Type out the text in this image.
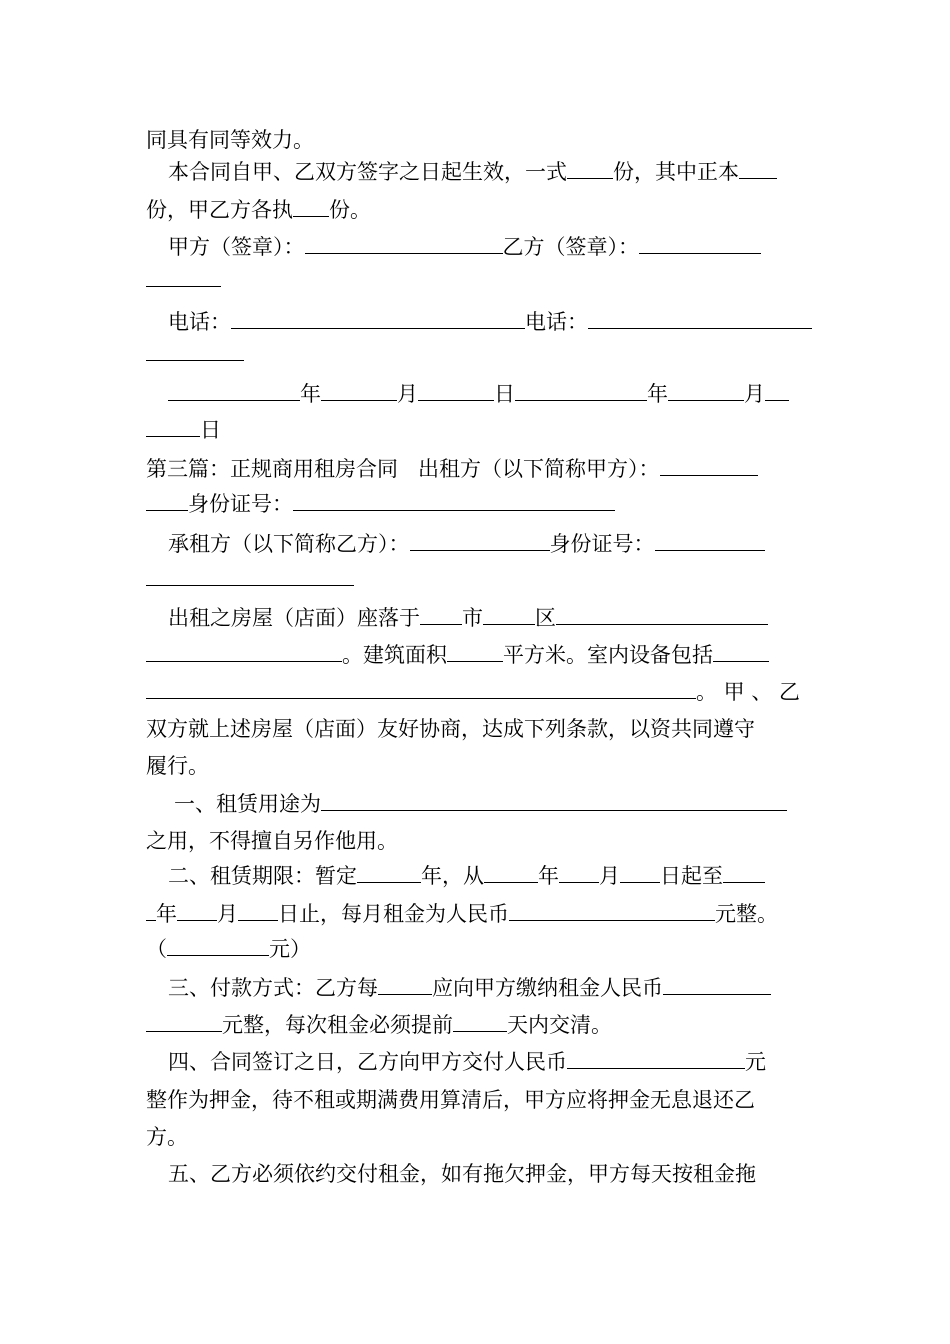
同具有同等效力。
本合同自甲、乙双方签字之日起生效，一式 份，其中正本
份，甲乙方各执 份。
甲方（签章）：	乙方（签章）：
电话：	电话：
年	月	日	年	月
日
第三篇：正规商用租房合同 出租方（以下简称甲方）：
身份证号：
承租方（以下简称乙方）：	身份证号：
出租之房屋（店面）座落于 市 区
。建筑面积	平方米。室内设备包括
。 甲 、 乙
双方就上述房屋（店面）友好协商，达成下列条款，以资共同遵守
履行。
一、租赁用途为
之用，不得擅自另作他用。
二、租赁期限：暂定	年，从	年 月 日起至
年 月 日止，每月租金为人民币	元整。
（	元）
三、付款方式：乙方每	应向甲方缴纳租金人民币
元整，每次租金必须提前	天内交清。
四、合同签订之日，乙方向甲方交付人民币	元
整作为押金，待不租或期满费用算清后，甲方应将押金无息退还乙
方。
五、乙方必须依约交付租金，如有拖欠押金，甲方每天按租金拖
